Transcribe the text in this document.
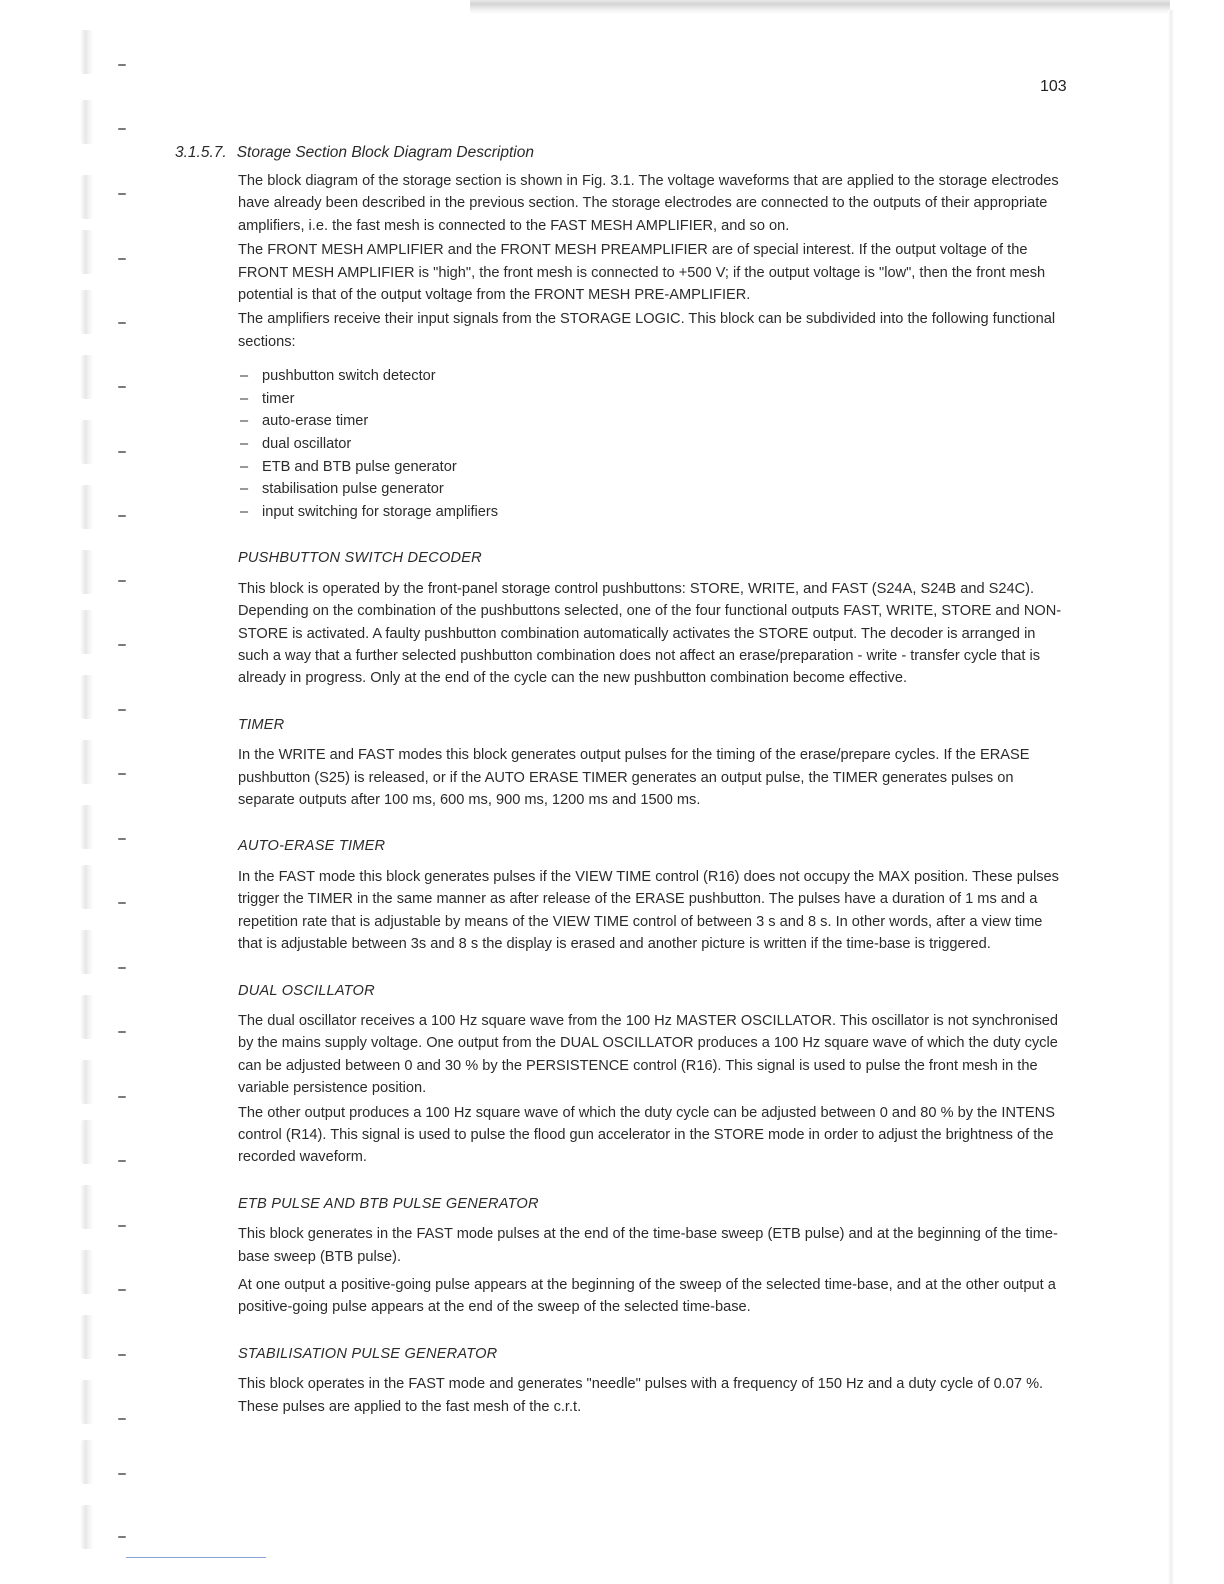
103
3.1.5.7. Storage Section Block Diagram Description

The block diagram of the storage section is shown in Fig. 3.1. The voltage waveforms that are applied to the storage electrodes have already been described in the previous section. The storage electrodes are connected to the outputs of their appropriate amplifiers, i.e. the fast mesh is connected to the FAST MESH AMPLIFIER, and so on.

The FRONT MESH AMPLIFIER and the FRONT MESH PREAMPLIFIER are of special interest. If the output voltage of the FRONT MESH AMPLIFIER is "high", the front mesh is connected to +500 V; if the output voltage is "low", then the front mesh potential is that of the output voltage from the FRONT MESH PRE-AMPLIFIER.

The amplifiers receive their input signals from the STORAGE LOGIC. This block can be subdivided into the following functional sections:

– pushbutton switch detector
– timer
– auto-erase timer
– dual oscillator
– ETB and BTB pulse generator
– stabilisation pulse generator
– input switching for storage amplifiers
PUSHBUTTON SWITCH DECODER

This block is operated by the front-panel storage control pushbuttons: STORE, WRITE, and FAST (S24A, S24B and S24C). Depending on the combination of the pushbuttons selected, one of the four functional outputs FAST, WRITE, STORE and NON-STORE is activated. A faulty pushbutton combination automatically activates the STORE output. The decoder is arranged in such a way that a further selected pushbutton combination does not affect an erase/preparation - write - transfer cycle that is already in progress. Only at the end of the cycle can the new pushbutton combination become effective.

TIMER

In the WRITE and FAST modes this block generates output pulses for the timing of the erase/prepare cycles. If the ERASE pushbutton (S25) is released, or if the AUTO ERASE TIMER generates an output pulse, the TIMER generates pulses on separate outputs after 100 ms, 600 ms, 900 ms, 1200 ms and 1500 ms.

AUTO-ERASE TIMER

In the FAST mode this block generates pulses if the VIEW TIME control (R16) does not occupy the MAX position. These pulses trigger the TIMER in the same manner as after release of the ERASE pushbutton. The pulses have a duration of 1 ms and a repetition rate that is adjustable by means of the VIEW TIME control of between 3 s and 8 s. In other words, after a view time that is adjustable between 3s and 8 s the display is erased and another picture is written if the time-base is triggered.

DUAL OSCILLATOR

The dual oscillator receives a 100 Hz square wave from the 100 Hz MASTER OSCILLATOR. This oscillator is not synchronised by the mains supply voltage. One output from the DUAL OSCILLATOR produces a 100 Hz square wave of which the duty cycle can be adjusted between 0 and 30 % by the PERSISTENCE control (R16). This signal is used to pulse the front mesh in the variable persistence position.

The other output produces a 100 Hz square wave of which the duty cycle can be adjusted between 0 and 80 % by the INTENS control (R14). This signal is used to pulse the flood gun accelerator in the STORE mode in order to adjust the brightness of the recorded waveform.

ETB PULSE AND BTB PULSE GENERATOR

This block generates in the FAST mode pulses at the end of the time-base sweep (ETB pulse) and at the beginning of the time-base sweep (BTB pulse).

At one output a positive-going pulse appears at the beginning of the sweep of the selected time-base, and at the other output a positive-going pulse appears at the end of the sweep of the selected time-base.

STABILISATION PULSE GENERATOR

This block operates in the FAST mode and generates "needle" pulses with a frequency of 150 Hz and a duty cycle of 0.07 %. These pulses are applied to the fast mesh of the c.r.t.
